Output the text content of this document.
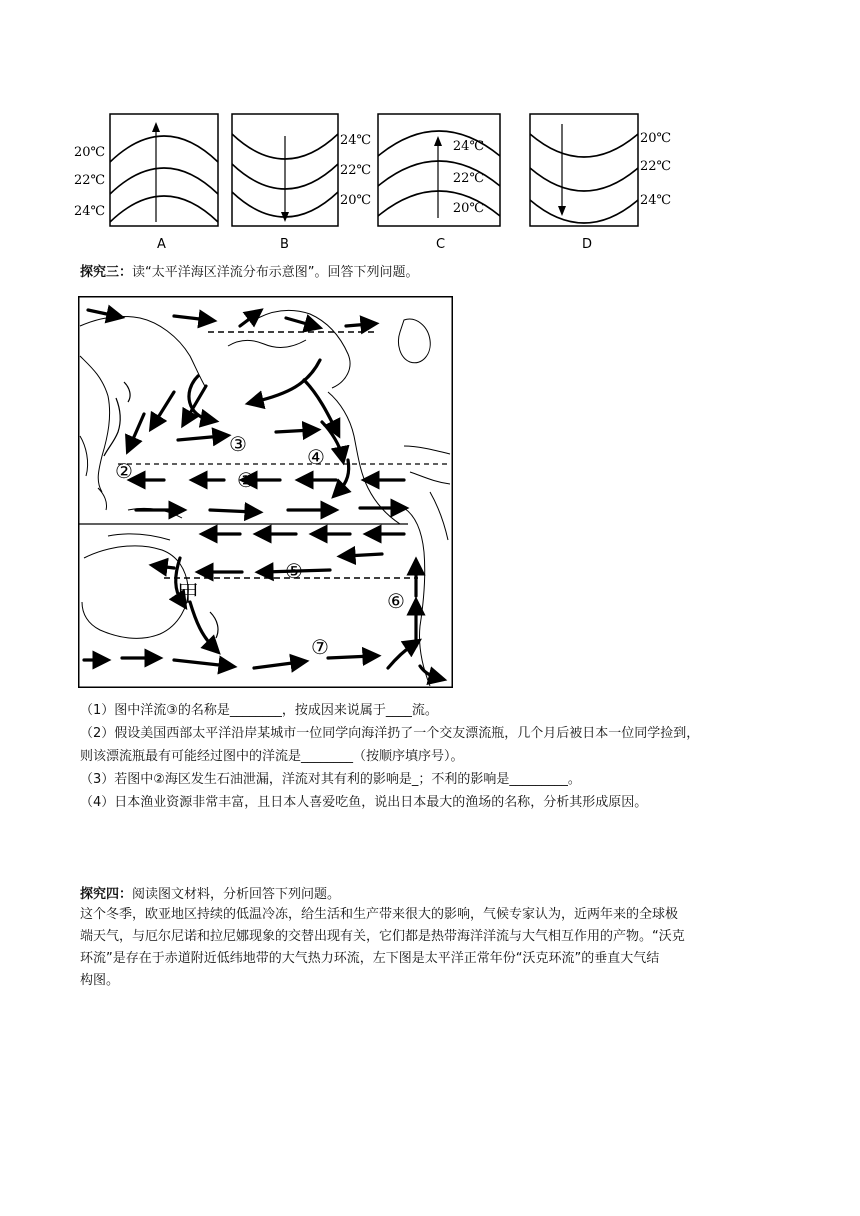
20℃
22℃
24℃
A
24℃
22℃
20℃
B
24℃
22℃
20℃
C
20℃
22℃
24℃
D
探究三：读“太平洋海区洋流分布示意图”。回答下列问题。
①
②
③
④
⑤
⑥
⑦
甲
（1）图中洋流③的名称是________，按成因来说属于____流。
（2）假设美国西部太平洋沿岸某城市一位同学向海洋扔了一个交友漂流瓶，几个月后被日本一位同学捡到，
则该漂流瓶最有可能经过图中的洋流是________（按顺序填序号）。
（3）若图中②海区发生石油泄漏，洋流对其有利的影响是_；不利的影响是_________。
（4）日本渔业资源非常丰富，且日本人喜爱吃鱼，说出日本最大的渔场的名称，分析其形成原因。
探究四：阅读图文材料，分析回答下列问题。
这个冬季，欧亚地区持续的低温冷冻，给生活和生产带来很大的影响，气候专家认为，近两年来的全球极
端天气，与厄尔尼诺和拉尼娜现象的交替出现有关，它们都是热带海洋洋流与大气相互作用的产物。“沃克
环流”是存在于赤道附近低纬地带的大气热力环流，左下图是太平洋正常年份“沃克环流”的垂直大气结
构图。
